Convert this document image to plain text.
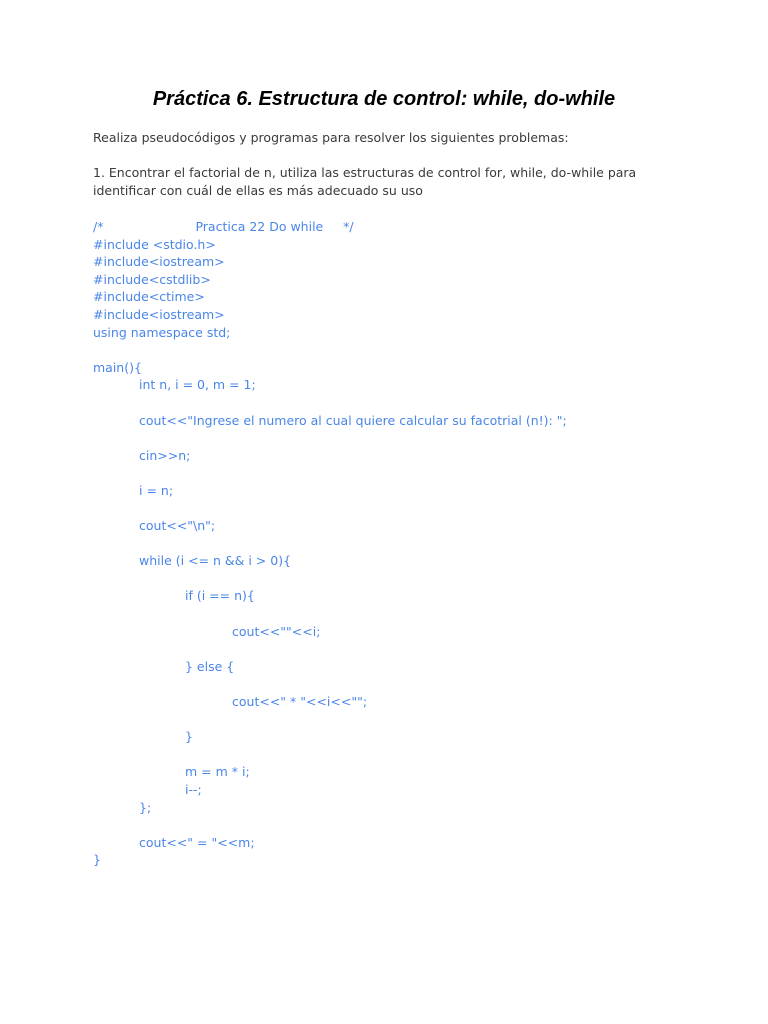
Práctica 6. Estructura de control: while, do-while

Realiza pseudocódigos y programas para resolver los siguientes problemas:

1. Encontrar el factorial de n, utiliza las estructuras de control for, while, do-while para identificar con cuál de ellas es más adecuado su uso

/*	Practica 22 Do while     */
#include <stdio.h>
#include<iostream>
#include<cstdlib>
#include<ctime>
#include<iostream>
using namespace std;
main(){
int n, i = 0, m = 1;
cout<<"Ingrese el numero al cual quiere calcular su facotrial (n!): ";
cin>>n;
i = n;
cout<<"\n";
while (i <= n && i > 0){
if (i == n){
cout<<""<<i;
} else {
cout<<" * "<<i<<"";
}
m = m * i;
i--;
};
cout<<" = "<<m;
}
